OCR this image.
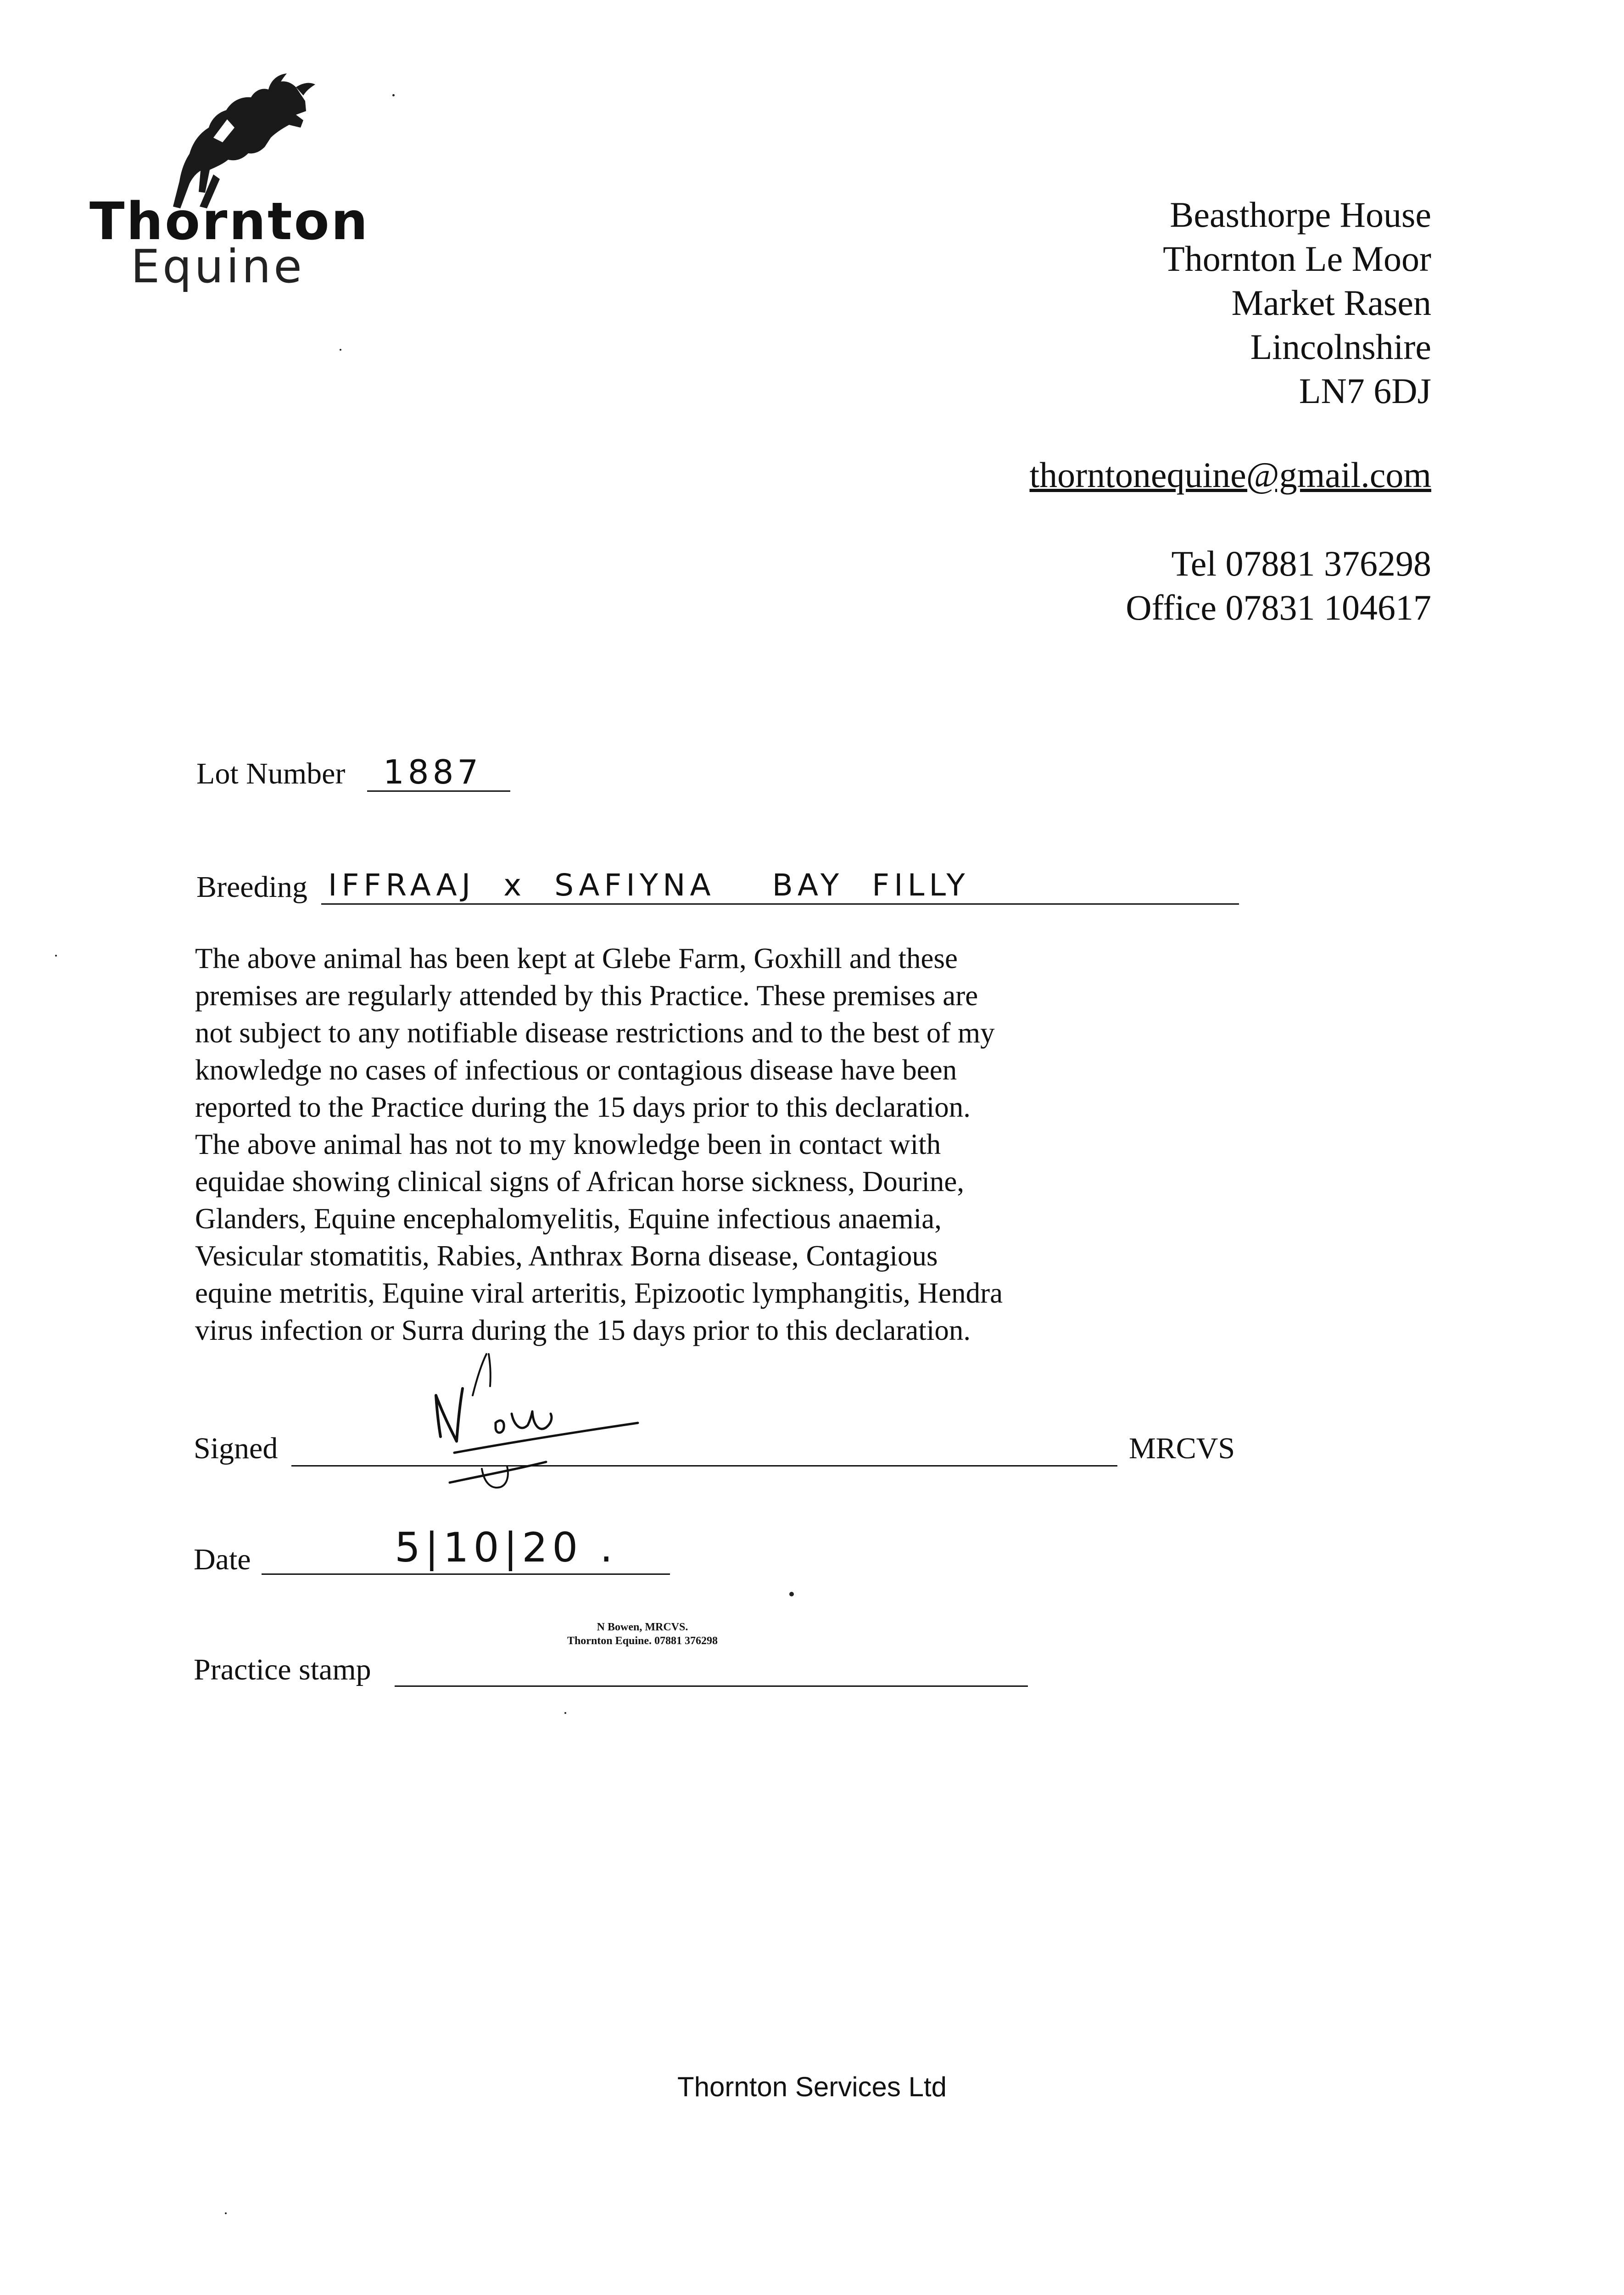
Thornton
Equine
Beasthorpe House
Thornton Le Moor
Market Rasen
Lincolnshire
LN7 6DJ
thorntonequine@gmail.com
Tel 07881 376298
Office 07831 104617
Lot Number 1887
Breeding IFFRAAJ  x  SAFIYNA    BAY  FILLY
The above animal has been kept at Glebe Farm, Goxhill and these
premises are regularly attended by this Practice. These premises are
not subject to any notifiable disease restrictions and to the best of my
knowledge no cases of infectious or contagious disease have been
reported to the Practice during the 15 days prior to this declaration.
The above animal has not to my knowledge been in contact with
equidae showing clinical signs of African horse sickness, Dourine,
Glanders, Equine encephalomyelitis, Equine infectious anaemia,
Vesicular stomatitis, Rabies, Anthrax Borna disease, Contagious
equine metritis, Equine viral arteritis, Epizootic lymphangitis, Hendra
virus infection or Surra during the 15 days prior to this declaration.
Signed	MRCVS
Date	5|10|20 .
Practice stamp
N Bowen, MRCVS.
Thornton Equine. 07881 376298
Thornton Services Ltd
